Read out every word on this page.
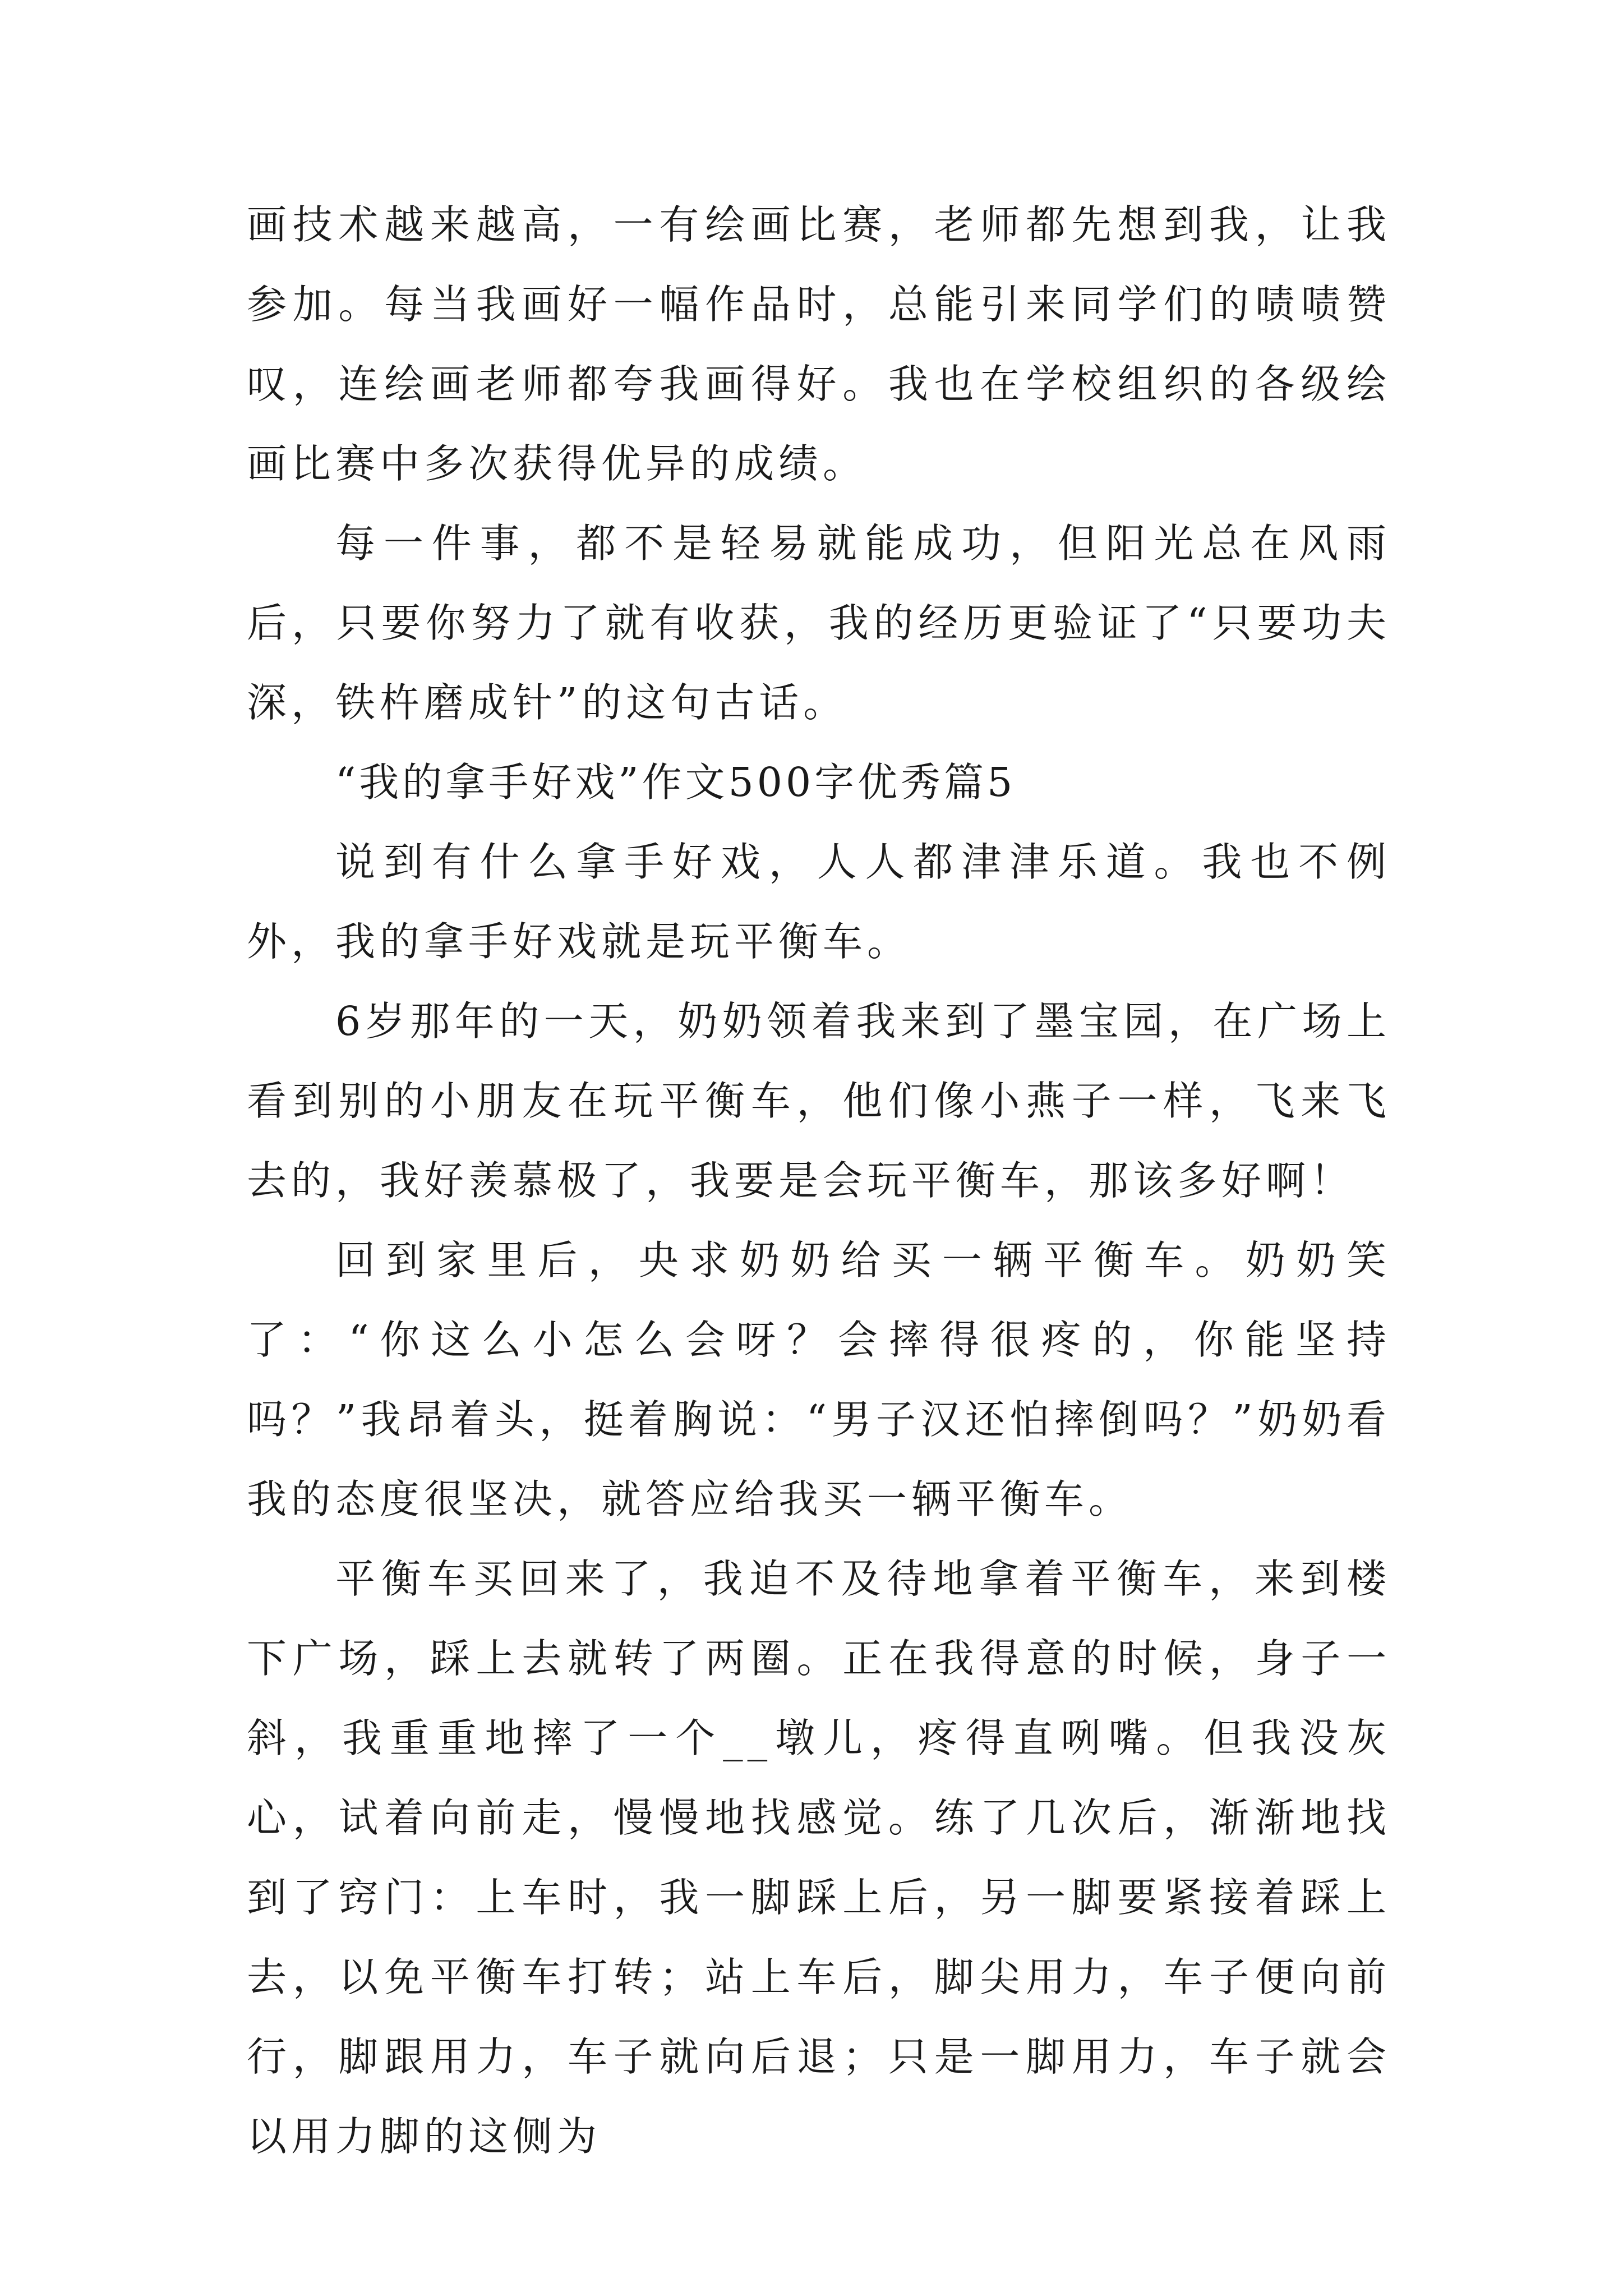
画技术越来越高，一有绘画比赛，老师都先想到我，让我参加。每当我画好一幅作品时，总能引来同学们的啧啧赞叹，连绘画老师都夸我画得好。我也在学校组织的各级绘画比赛中多次获得优异的成绩。

每一件事，都不是轻易就能成功，但阳光总在风雨后，只要你努力了就有收获，我的经历更验证了“只要功夫深，铁杵磨成针”的这句古话。

“我的拿手好戏”作文500字优秀篇5

说到有什么拿手好戏，人人都津津乐道。我也不例外，我的拿手好戏就是玩平衡车。

6岁那年的一天，奶奶领着我来到了墨宝园，在广场上看到别的小朋友在玩平衡车，他们像小燕子一样，飞来飞去的，我好羡慕极了，我要是会玩平衡车，那该多好啊！

回到家里后，央求奶奶给买一辆平衡车。奶奶笑了：“你这么小怎么会呀？会摔得很疼的，你能坚持吗？”我昂着头，挺着胸说：“男子汉还怕摔倒吗？”奶奶看我的态度很坚决，就答应给我买一辆平衡车。

平衡车买回来了，我迫不及待地拿着平衡车，来到楼下广场，踩上去就转了两圈。正在我得意的时候，身子一斜，我重重地摔了一个__墩儿，疼得直咧嘴。但我没灰心，试着向前走，慢慢地找感觉。练了几次后，渐渐地找到了窍门：上车时，我一脚踩上后，另一脚要紧接着踩上去，以免平衡车打转；站上车后，脚尖用力，车子便向前行，脚跟用力，车子就向后退；只是一脚用力，车子就会以用力脚的这侧为
